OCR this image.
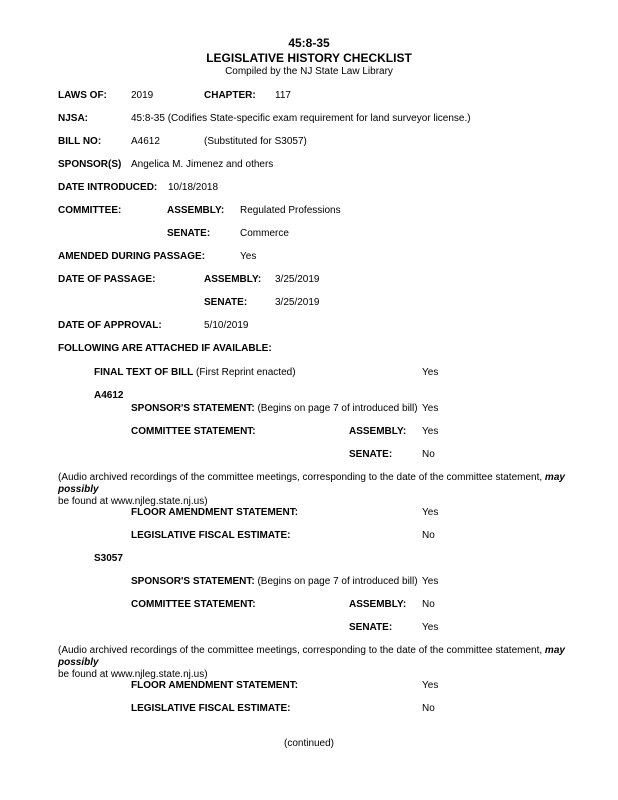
45:8-35
LEGISLATIVE HISTORY CHECKLIST
Compiled by the NJ State Law Library
LAWS OF: 2019	CHAPTER: 117
NJSA:	45:8-35 (Codifies State-specific exam requirement for land surveyor license.)
BILL NO:	A4612	(Substituted for S3057)
SPONSOR(S) Angelica M. Jimenez and others
DATE INTRODUCED: 10/18/2018
COMMITTEE:	ASSEMBLY: Regulated Professions
SENATE:	Commerce
AMENDED DURING PASSAGE:	Yes
DATE OF PASSAGE:	ASSEMBLY: 3/25/2019
SENATE:	3/25/2019
DATE OF APPROVAL:	5/10/2019
FOLLOWING ARE ATTACHED IF AVAILABLE:
FINAL TEXT OF BILL (First Reprint enacted)	Yes
A4612
SPONSOR'S STATEMENT: (Begins on page 7 of introduced bill) Yes
COMMITTEE STATEMENT:	ASSEMBLY: Yes
SENATE:	No
(Audio archived recordings of the committee meetings, corresponding to the date of the committee statement, may possibly
be found at www.njleg.state.nj.us)
FLOOR AMENDMENT STATEMENT:	Yes
LEGISLATIVE FISCAL ESTIMATE:	No
S3057
SPONSOR'S STATEMENT: (Begins on page 7 of introduced bill) Yes
COMMITTEE STATEMENT:	ASSEMBLY: No
SENATE:	Yes
(Audio archived recordings of the committee meetings, corresponding to the date of the committee statement, may possibly
be found at www.njleg.state.nj.us)
FLOOR AMENDMENT STATEMENT:	Yes
LEGISLATIVE FISCAL ESTIMATE:	No
(continued)
